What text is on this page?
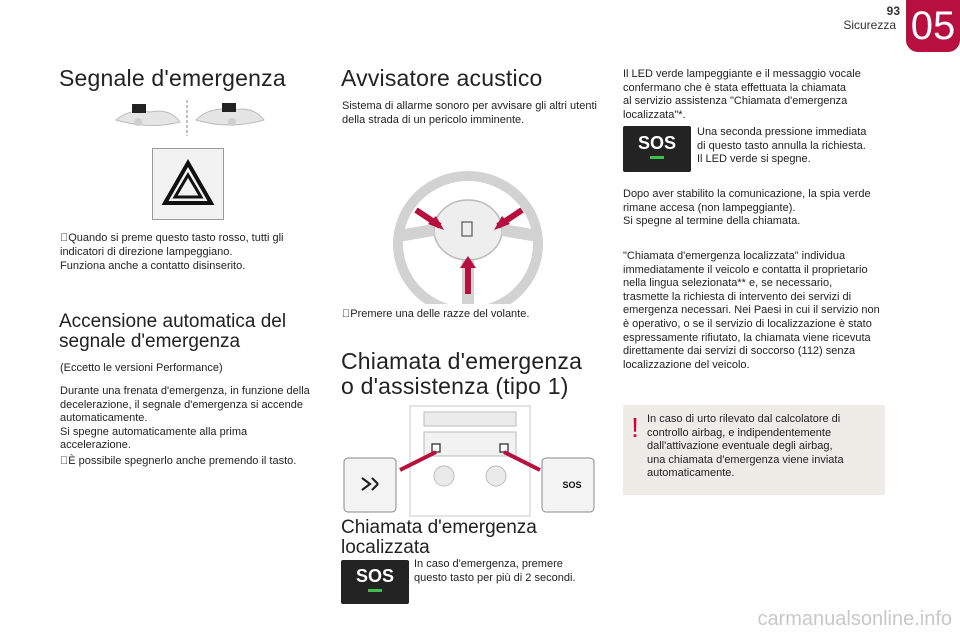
93
Sicurezza 05
Segnale d'emergenza
Quando si preme questo tasto rosso, tutti gli
indicatori di direzione lampeggiano.
Funziona anche a contatto disinserito.
Accensione automatica del
segnale d'emergenza
(Eccetto le versioni Performance)
Durante una frenata d'emergenza, in funzione della
decelerazione, il segnale d'emergenza si accende
automaticamente.
Si spegne automaticamente alla prima
accelerazione.
È possibile spegnerlo anche premendo il tasto.
Avvisatore acustico
Sistema di allarme sonoro per avvisare gli altri utenti
della strada di un pericolo imminente.
Premere una delle razze del volante.
Chiamata d'emergenza
o d'assistenza (tipo 1)
SOS
Chiamata d'emergenza
localizzata
SOS
In caso d'emergenza, premere
questo tasto per più di 2 secondi.
Il LED verde lampeggiante e il messaggio vocale
confermano che è stata effettuata la chiamata
al servizio assistenza "Chiamata d'emergenza
localizzata"*.
SOS
Una seconda pressione immediata
di questo tasto annulla la richiesta.
Il LED verde si spegne.
Dopo aver stabilito la comunicazione, la spia verde
rimane accesa (non lampeggiante).
Si spegne al termine della chiamata.
"Chiamata d'emergenza localizzata" individua
immediatamente il veicolo e contatta il proprietario
nella lingua selezionata** e, se necessario,
trasmette la richiesta di intervento dei servizi di
emergenza necessari. Nei Paesi in cui il servizio non
è operativo, o se il servizio di localizzazione è stato
espressamente rifiutato, la chiamata viene ricevuta
direttamente dai servizi di soccorso (112) senza
localizzazione del veicolo.
! In caso di urto rilevato dal calcolatore di
controllo airbag, e indipendentemente
dall'attivazione eventuale degli airbag,
una chiamata d'emergenza viene inviata
automaticamente.
carmanualsonline.info
